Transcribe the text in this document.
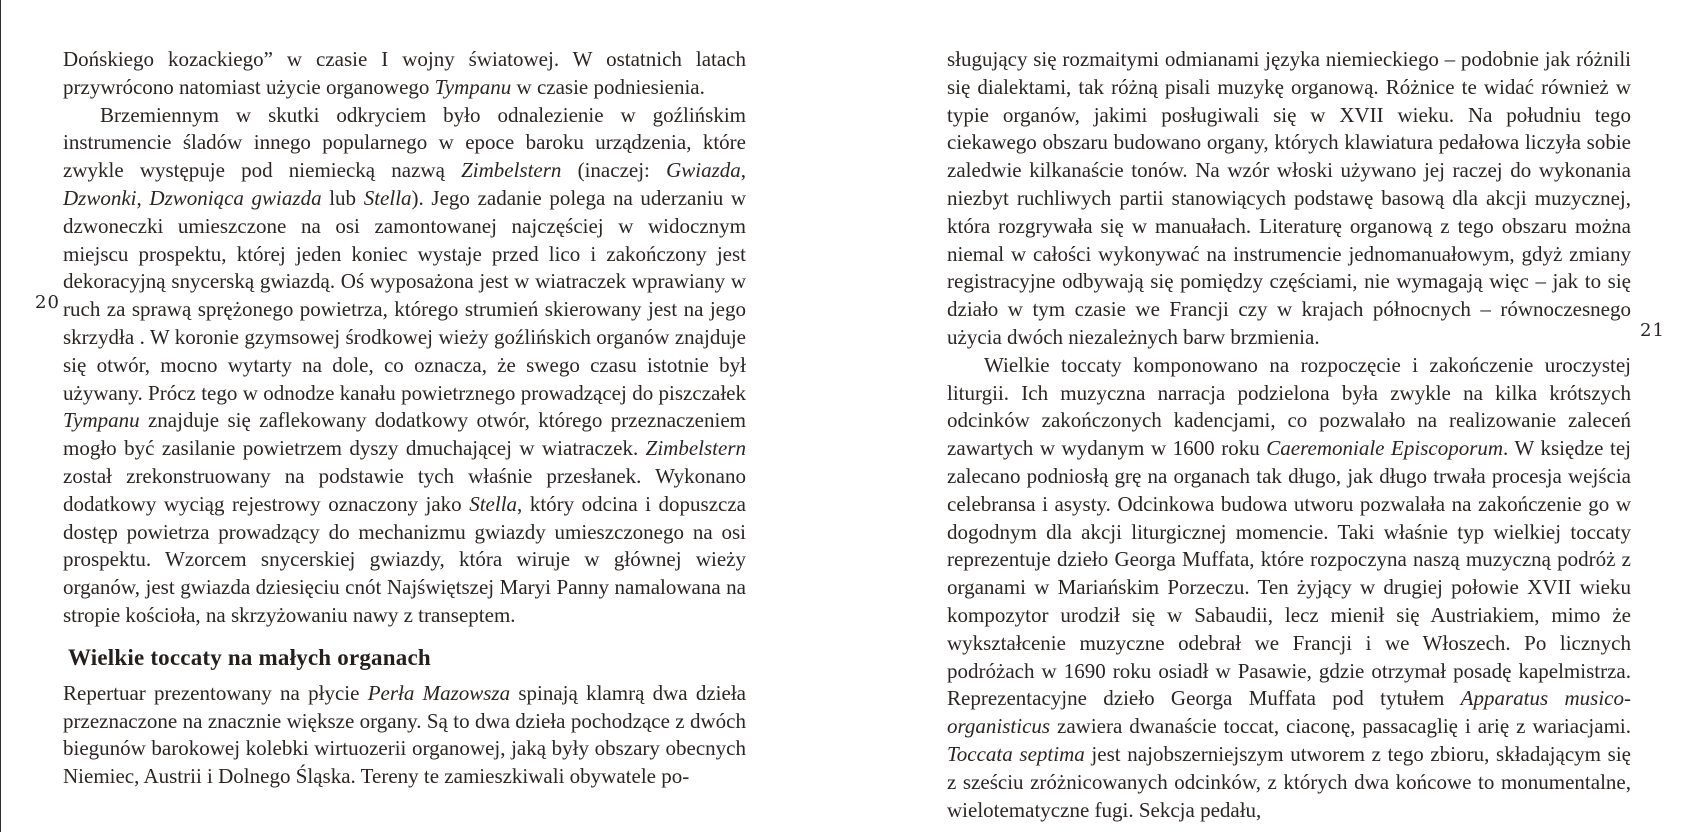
20

Dońskiego kozackiego” w czasie I wojny światowej. W ostatnich latach przywrócono natomiast użycie organowego Tympanu w czasie podniesienia.

Brzemiennym w skutki odkryciem było odnalezienie w goźlińskim instrumencie śladów innego popularnego w epoce baroku urządzenia, które zwykle występuje pod niemiecką nazwą Zimbelstern (inaczej: Gwiazda, Dzwonki, Dzwoniąca gwiazda lub Stella). Jego zadanie polega na uderzaniu w dzwoneczki umieszczone na osi zamontowanej najczęściej w widocznym miejscu prospektu, której jeden koniec wystaje przed lico i zakończony jest dekoracyjną snycerską gwiazdą. Oś wyposażona jest w wiatraczek wprawiany w ruch za sprawą sprężonego powietrza, którego strumień skierowany jest na jego skrzydła . W koronie gzymsowej środkowej wieży goźlińskich organów znajduje się otwór, mocno wytarty na dole, co oznacza, że swego czasu istotnie był używany. Prócz tego w odnodze kanału powietrznego prowadzącej do piszczałek Tympanu znajduje się zaflekowany dodatkowy otwór, którego przeznaczeniem mogło być zasilanie powietrzem dyszy dmuchającej w wiatraczek. Zimbelstern został zrekonstruowany na podstawie tych właśnie przesłanek. Wykonano dodatkowy wyciąg rejestrowy oznaczony jako Stella, który odcina i dopuszcza dostęp powietrza prowadzący do mechanizmu gwiazdy umieszczonego na osi prospektu. Wzorcem snycerskiej gwiazdy, która wiruje w głównej wieży organów, jest gwiazda dziesięciu cnót Najświętszej Maryi Panny namalowana na stropie kościoła, na skrzyżowaniu nawy z transeptem.

Wielkie toccaty na małych organach

Repertuar prezentowany na płycie Perła Mazowsza spinają klamrą dwa dzieła przeznaczone na znacznie większe organy. Są to dwa dzieła pochodzące z dwóch biegunów barokowej kolebki wirtuozerii organowej, jaką były obszary obecnych Niemiec, Austrii i Dolnego Śląska. Tereny te zamieszkiwali obywatele po-

sługujący się rozmaitymi odmianami języka niemieckiego – podobnie jak różnili się dialektami, tak różną pisali muzykę organową. Różnice te widać również w typie organów, jakimi posługiwali się w XVII wieku. Na południu tego ciekawego obszaru budowano organy, których klawiatura pedałowa liczyła sobie zaledwie kilkanaście tonów. Na wzór włoski używano jej raczej do wykonania niezbyt ruchliwych partii stanowiących podstawę basową dla akcji muzycznej, która rozgrywała się w manuałach. Literaturę organową z tego obszaru można niemal w całości wykonywać na instrumencie jednomanuałowym, gdyż zmiany registracyjne odbywają się pomiędzy częściami, nie wymagają więc – jak to się działo w tym czasie we Francji czy w krajach północnych – równoczesnego użycia dwóch niezależnych barw brzmienia.

Wielkie toccaty komponowano na rozpoczęcie i zakończenie uroczystej liturgii. Ich muzyczna narracja podzielona była zwykle na kilka krótszych odcinków zakończonych kadencjami, co pozwalało na realizowanie zaleceń zawartych w wydanym w 1600 roku Caeremoniale Episcoporum. W księdze tej zalecano podniosłą grę na organach tak długo, jak długo trwała procesja wejścia celebransa i asysty. Odcinkowa budowa utworu pozwalała na zakończenie go w dogodnym dla akcji liturgicznej momencie. Taki właśnie typ wielkiej toccaty reprezentuje dzieło Georga Muffata, które rozpoczyna naszą muzyczną podróż z organami w Mariańskim Porzeczu. Ten żyjący w drugiej połowie XVII wieku kompozytor urodził się w Sabaudii, lecz mienił się Austriakiem, mimo że wykształcenie muzyczne odebrał we Francji i we Włoszech. Po licznych podróżach w 1690 roku osiadł w Pasawie, gdzie otrzymał posadę kapelmistrza. Reprezentacyjne dzieło Georga Muffata pod tytułem Apparatus musico-organisticus zawiera dwanaście toccat, ciaconę, passacaglię i arię z wariacjami. Toccata septima jest najobszerniejszym utworem z tego zbioru, składającym się z sześciu zróżnicowanych odcinków, z których dwa końcowe to monumentalne, wielotematyczne fugi. Sekcja pedału,

21
